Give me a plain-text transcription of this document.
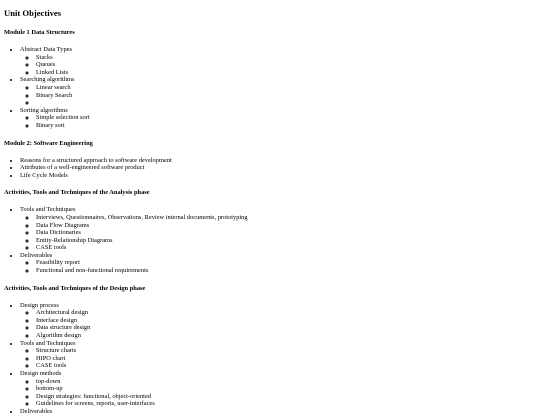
Unit Objectives
Module 1 Data Structures
• Abstract Data Types
◦ Stacks
◦ Queues
◦ Linked Lists
• Searching algorithms
◦ Linear search
◦ Binary Search
◦
• Sorting algorithms
◦ Simple selection sort
◦ Binary sort
Module 2: Software Engineering
• Reasons for a structured approach to software development
• Attributes of a well-engineered software product
• Life Cycle Models
Activities, Tools and Techniques of the Analysis phase
• Tools and Techniques
◦ Interviews, Questionnaires, Observations, Review internal documents, prototyping
◦ Data Flow Diagrams
◦ Data Dictionaries
◦ Entity-Relationship Diagrams
◦ CASE tools
• Deliverables
◦ Feasibility report
◦ Functional and non-functional requirements
Activities, Tools and Techniques of the Design phase
• Design process
◦ Architectural design
◦ Interface design
◦ Data structure design
◦ Algorithm design
• Tools and Techniques
◦ Structure charts
◦ HIPO chart
◦ CASE tools
• Design methods
◦ top-down
◦ bottom-up
◦ Design strategies: functional, object-oriented
◦ Guidelines for screens, reports, user-interfaces
• Deliverables
